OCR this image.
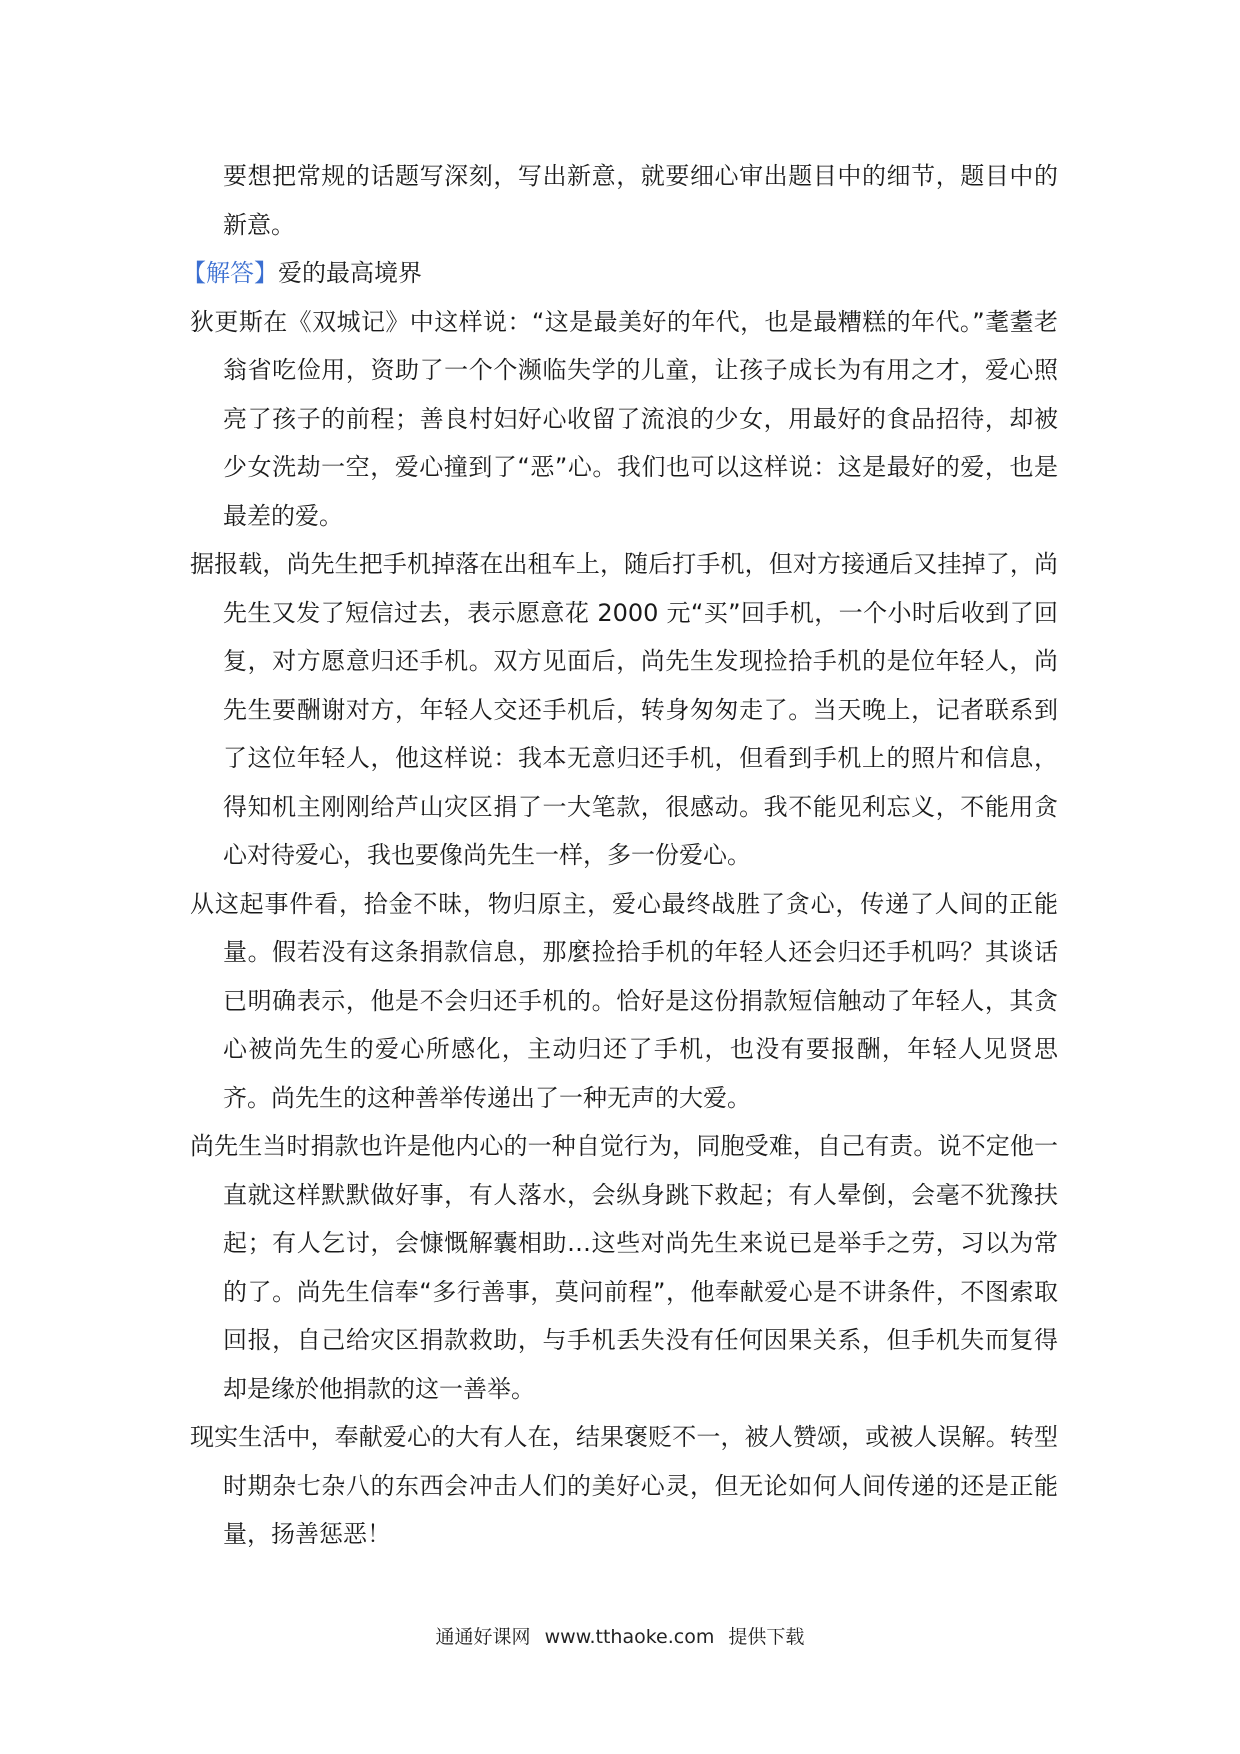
要想把常规的话题写深刻，写出新意，就要细心审出题目中的细节，题目中的新意。

【解答】爱的最高境界

狄更斯在《双城记》中这样说：“这是最美好的年代，也是最糟糕的年代。”耄耋老翁省吃俭用，资助了一个个濒临失学的儿童，让孩子成长为有用之才，爱心照亮了孩子的前程；善良村妇好心收留了流浪的少女，用最好的食品招待，却被少女洗劫一空，爱心撞到了“恶”心。我们也可以这样说：这是最好的爱，也是最差的爱。

据报载，尚先生把手机掉落在出租车上，随后打手机，但对方接通后又挂掉了，尚先生又发了短信过去，表示愿意花 2000 元“买”回手机，一个小时后收到了回复，对方愿意归还手机。双方见面后，尚先生发现捡拾手机的是位年轻人，尚先生要酬谢对方，年轻人交还手机后，转身匆匆走了。当天晚上，记者联系到了这位年轻人，他这样说：我本无意归还手机，但看到手机上的照片和信息，得知机主刚刚给芦山灾区捐了一大笔款，很感动。我不能见利忘义，不能用贪心对待爱心，我也要像尚先生一样，多一份爱心。

从这起事件看，拾金不昧，物归原主，爱心最终战胜了贪心，传递了人间的正能量。假若没有这条捐款信息，那麼捡拾手机的年轻人还会归还手机吗？其谈话已明确表示，他是不会归还手机的。恰好是这份捐款短信触动了年轻人，其贪心被尚先生的爱心所感化，主动归还了手机，也没有要报酬，年轻人见贤思齐。尚先生的这种善举传递出了一种无声的大爱。

尚先生当时捐款也许是他内心的一种自觉行为，同胞受难，自己有责。说不定他一直就这样默默做好事，有人落水，会纵身跳下救起；有人晕倒，会毫不犹豫扶起；有人乞讨，会慷慨解囊相助…这些对尚先生来说已是举手之劳，习以为常的了。尚先生信奉“多行善事，莫问前程”，他奉献爱心是不讲条件，不图索取回报，自己给灾区捐款救助，与手机丢失没有任何因果关系，但手机失而复得却是缘於他捐款的这一善举。

现实生活中，奉献爱心的大有人在，结果褒贬不一，被人赞颂，或被人误解。转型时期杂七杂八的东西会冲击人们的美好心灵，但无论如何人间传递的还是正能量，扬善惩恶！

通通好课网 www.tthaoke.com 提供下载
